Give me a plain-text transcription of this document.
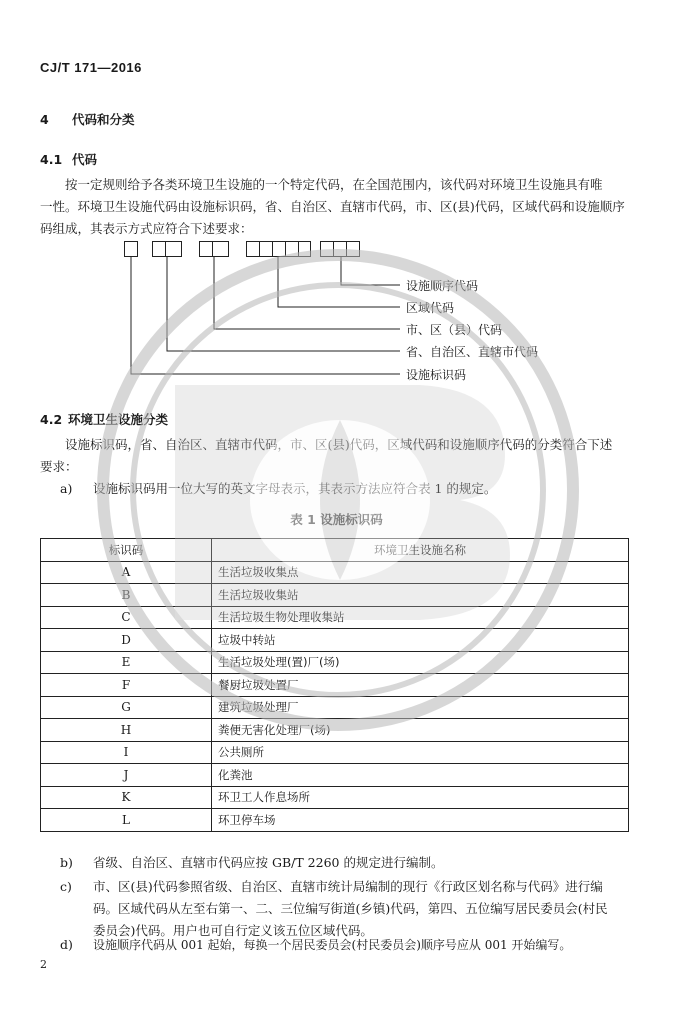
CJ/T 171—2016
4 代码和分类
4.1 代码

按一定规则给予各类环境卫生设施的一个特定代码，在全国范围内，该代码对环境卫生设施具有唯

一性。环境卫生设施代码由设施标识码，省、自治区、直辖市代码，市、区(县)代码，区域代码和设施顺序

码组成，其表示方式应符合下述要求：

设施顺序代码
区域代码
市、区（县）代码
省、自治区、直辖市代码
设施标识码
4.2 环境卫生设施分类

设施标识码，省、自治区、直辖市代码，市、区(县)代码，区域代码和设施顺序代码的分类符合下述

要求：

a) 设施标识码用一位大写的英文字母表示，其表示方法应符合表 1 的规定。
表 1 设施标识码
标识码	环境卫生设施名称
A	生活垃圾收集点
B	生活垃圾收集站
C	生活垃圾生物处理收集站
D	垃圾中转站
E	生活垃圾处理(置)厂(场)
F	餐厨垃圾处置厂
G	建筑垃圾处理厂
H	粪便无害化处理厂(场)
I	公共厕所
J	化粪池
K	环卫工人作息场所
L	环卫停车场
b) 省级、自治区、直辖市代码应按 GB/T 2260 的规定进行编制。
c) 市、区(县)代码参照省级、自治区、直辖市统计局编制的现行《行政区划名称与代码》进行编
码。区域代码从左至右第一、二、三位编写街道(乡镇)代码，第四、五位编写居民委员会(村民
委员会)代码。用户也可自行定义该五位区域代码。
d) 设施顺序代码从 001 起始，每换一个居民委员会(村民委员会)顺序号应从 001 开始编写。
2
